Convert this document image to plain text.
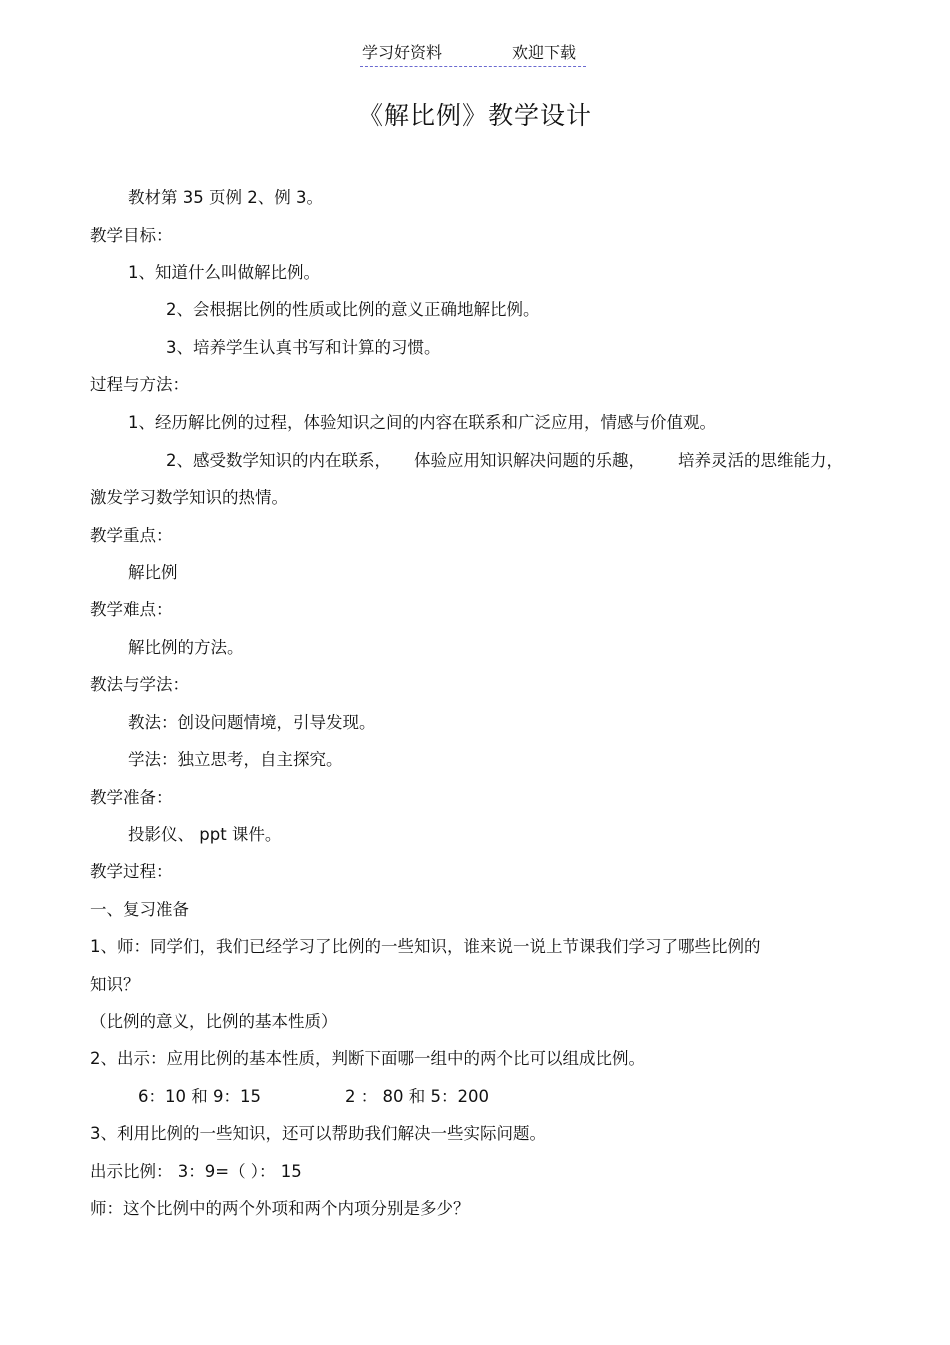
学习好资料	欢迎下载
《解比例》教学设计
教材第 35 页例 2、例 3。
教学目标：
1、知道什么叫做解比例。
2、会根据比例的性质或比例的意义正确地解比例。
3、培养学生认真书写和计算的习惯。
过程与方法：
1、经历解比例的过程，体验知识之间的内容在联系和广泛应用，情感与价值观。
2、感受数学知识的内在联系， 体验应用知识解决问题的乐趣， 培养灵活的思维能力，
激发学习数学知识的热情。
教学重点：
解比例
教学难点：
解比例的方法。
教法与学法：
教法：创设问题情境，引导发现。
学法：独立思考，自主探究。
教学准备：
投影仪、 ppt 课件。
教学过程：
一、复习准备
1、师：同学们，我们已经学习了比例的一些知识，谁来说一说上节课我们学习了哪些比例的
知识？
（比例的意义，比例的基本性质）
2、出示：应用比例的基本性质，判断下面哪一组中的两个比可以组成比例。
6：10 和 9：15	2 ： 80 和 5：200
3、利用比例的一些知识，还可以帮助我们解决一些实际问题。
出示比例： 3：9=（ ）： 15
师：这个比例中的两个外项和两个内项分别是多少？
